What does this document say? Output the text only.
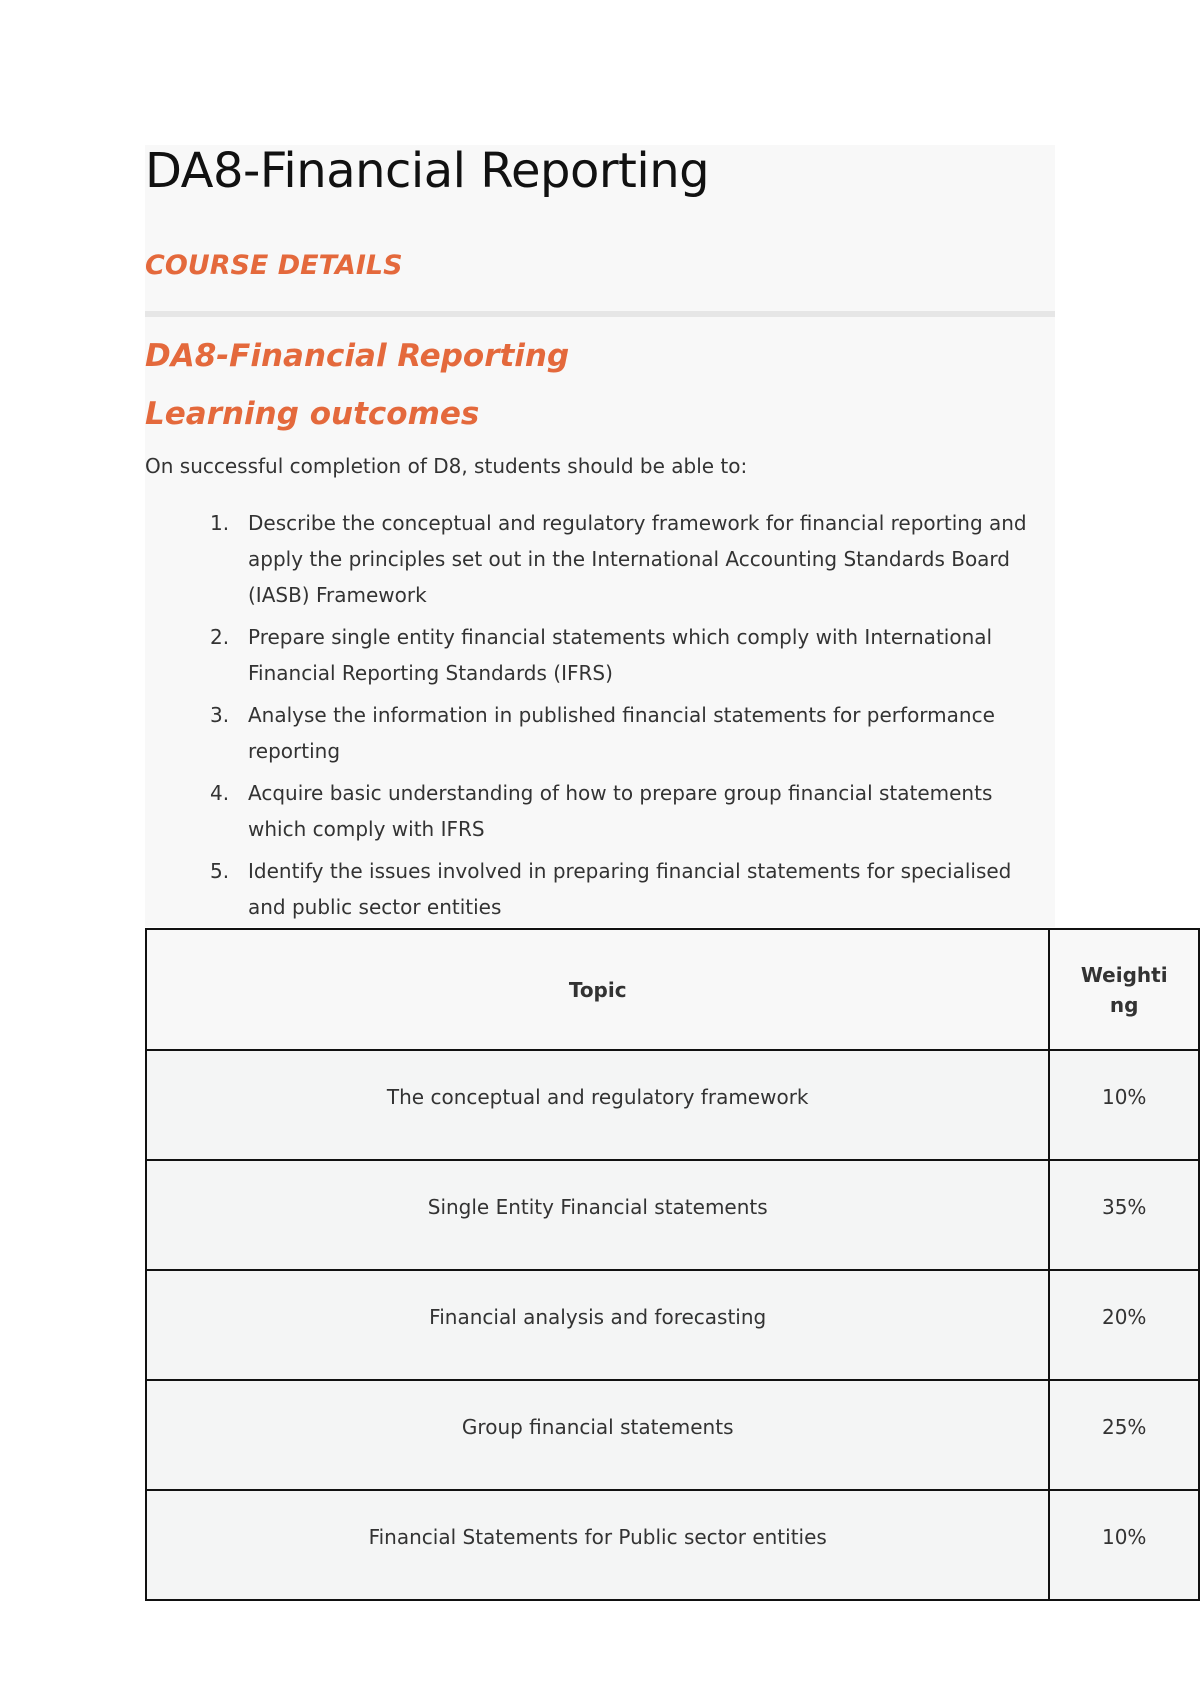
DA8-Financial Reporting
COURSE DETAILS
DA8-Financial Reporting
Learning outcomes

On successful completion of D8, students should be able to:

1. Describe the conceptual and regulatory framework for financial reporting and apply the principles set out in the International Accounting Standards Board (IASB) Framework
2. Prepare single entity financial statements which comply with International Financial Reporting Standards (IFRS)
3. Analyse the information in published financial statements for performance reporting
4. Acquire basic understanding of how to prepare group financial statements which comply with IFRS
5. Identify the issues involved in preparing financial statements for specialised and public sector entities
Topic	Weighti
ng

The conceptual and regulatory framework	10%
Single Entity Financial statements	35%
Financial analysis and forecasting	20%
Group financial statements	25%
Financial Statements for Public sector entities	10%
